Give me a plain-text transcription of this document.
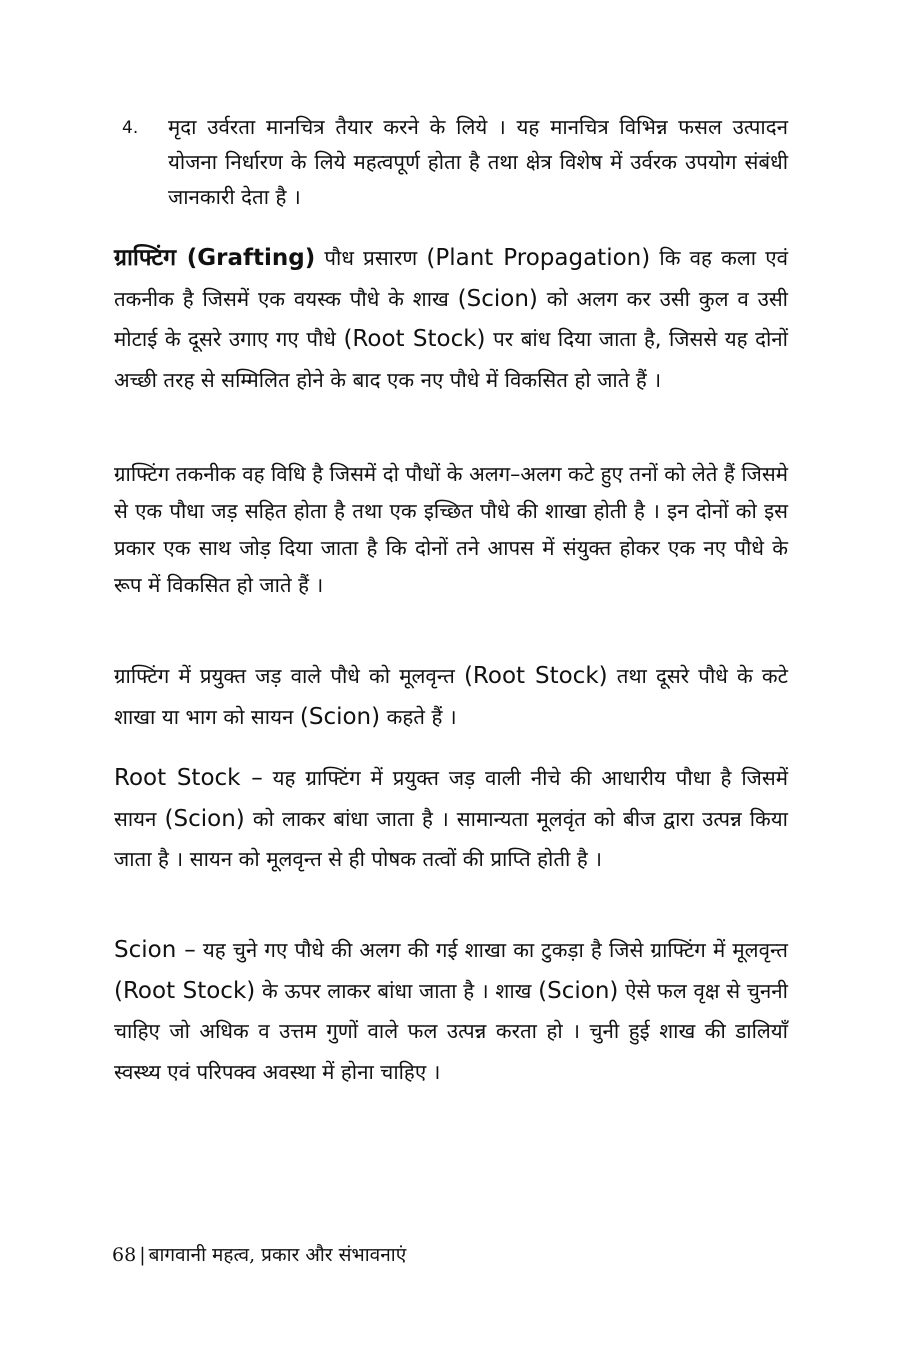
4.	मृदा उर्वरता मानचित्र तैयार करने के लिये । यह मानचित्र विभिन्न फसल उत्पादन योजना निर्धारण के लिये महत्वपूर्ण होता है तथा क्षेत्र विशेष में उर्वरक उपयोग संबंधी जानकारी देता है ।

ग्राफ्टिंग (Grafting) पौध प्रसारण (Plant Propagation) कि वह कला एवं तकनीक है जिसमें एक वयस्क पौधे के शाख (Scion) को अलग कर उसी कुल व उसी मोटाई के दूसरे उगाए गए पौधे (Root Stock) पर बांध दिया जाता है, जिससे यह दोनों अच्छी तरह से सम्मिलित होने के बाद एक नए पौधे में विकसित हो जाते हैं ।

ग्राफ्टिंग तकनीक वह विधि है जिसमें दो पौधों के अलग–अलग कटे हुए तनों को लेते हैं जिसमे से एक पौधा जड़ सहित होता है तथा एक इच्छित पौधे की शाखा होती है । इन दोनों को इस प्रकार एक साथ जोड़ दिया जाता है कि दोनों तने आपस में संयुक्त होकर एक नए पौधे के रूप में विकसित हो जाते हैं ।

ग्राफ्टिंग में प्रयुक्त जड़ वाले पौधे को मूलवृन्त (Root Stock) तथा दूसरे पौधे के कटे शाखा या भाग को सायन (Scion) कहते हैं ।

Root Stock – यह ग्राफ्टिंग में प्रयुक्त जड़ वाली नीचे की आधारीय पौधा है जिसमें सायन (Scion) को लाकर बांधा जाता है । सामान्यता मूलवृंत को बीज द्वारा उत्पन्न किया जाता है । सायन को मूलवृन्त से ही पोषक तत्वों की प्राप्ति होती है ।

Scion – यह चुने गए पौधे की अलग की गई शाखा का टुकड़ा है जिसे ग्राफ्टिंग में मूलवृन्त (Root Stock) के ऊपर लाकर बांधा जाता है । शाख (Scion) ऐसे फल वृक्ष से चुननी चाहिए जो अधिक व उत्तम गुणों वाले फल उत्पन्न करता हो । चुनी हुई शाख की डालियाँ स्वस्थ्य एवं परिपक्व अवस्था में होना चाहिए ।

68 | बागवानी महत्व, प्रकार और संभावनाएं
